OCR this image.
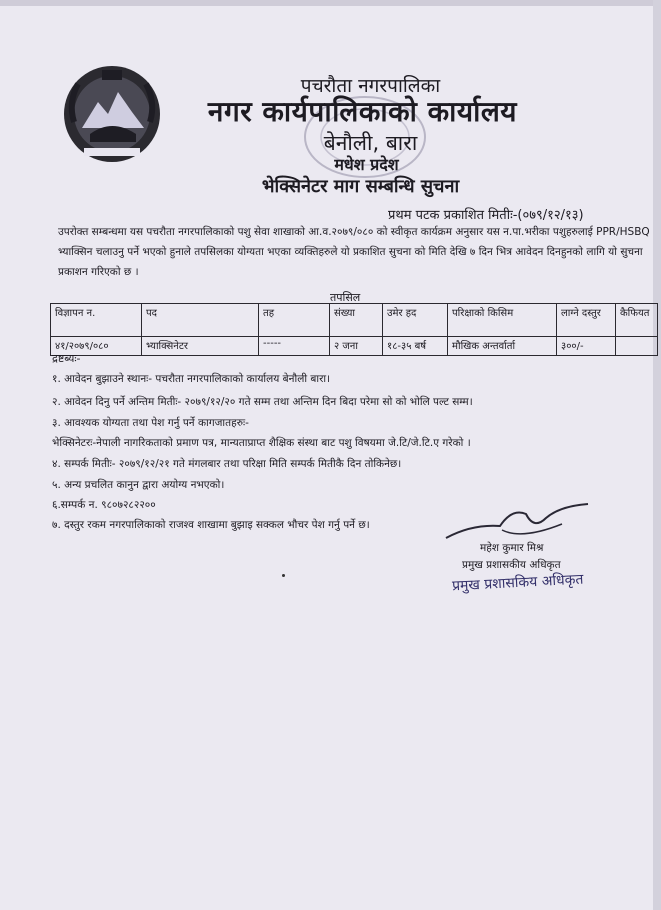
पचरौता नगरपालिका
नगर कार्यपालिकाको कार्यालय
बेनौली, बारा
मधेश प्रदेश
भेक्सिनेटर माग सम्बन्धि सुचना
प्रथम पटक प्रकाशित मितीः-(०७९/१२/१३)
उपरोक्त सम्बन्धमा यस पचरौता नगरपालिकाको पशु सेवा शाखाको आ.व.२०७९/०८० को स्वीकृत कार्यक्रम अनुसार यस न.पा.भरीका पशुहरुलाई PPR/HSBQ भ्याक्सिन चलाउनु पर्ने भएको हुनाले तपसिलका योग्यता भएका व्यक्तिहरुले यो प्रकाशित सुचना को मिति देखि ७ दिन भित्र आवेदन दिनहुनको लागि यो सुचना प्रकाशन गरिएको छ ।
तपसिल
विज्ञापन न.	पद	तह	संख्या	उमेर हद	परिक्षाको किसिम	लाग्ने दस्तुर	कैफियत
४१/२०७९/०८०	भ्याक्सिनेटर	-----	२ जना	१८-३५ बर्ष	मौखिक अन्तर्वार्ता	३००/-	
द्रष्टब्यः-
१. आवेदन बुझाउने स्थानः- पचरौता नगरपालिकाको कार्यालय बेनौली बारा।
२. आवेदन दिनु पर्ने अन्तिम मितीः- २०७९/१२/२० गते सम्म तथा अन्तिम दिन बिदा परेमा सो को भोलि पल्ट सम्म।
३. आवश्यक योग्यता तथा पेश गर्नु पर्ने कागजातहरुः-
भेक्सिनेटरः-नेपाली नागरिकताको प्रमाण पत्र, मान्यताप्राप्त शैक्षिक संस्था बाट पशु विषयमा जे.टि/जे.टि.ए गरेको ।
४. सम्पर्क मितीः- २०७९/१२/२१ गते मंगलबार तथा परिक्षा मिति सम्पर्क मितीकै दिन तोकिनेछ।
५. अन्य प्रचलित कानुन द्वारा अयोग्य नभएको।
६.सम्पर्क न. ९८०७२८२२००
७. दस्तुर रकम नगरपालिकाको राजश्व शाखामा बुझाइ सक्कल भौचर पेश गर्नु पर्ने छ।
महेश कुमार मिश्र
प्रमुख प्रशासकीय अधिकृत
प्रमुख प्रशासकिय अधिकृत
